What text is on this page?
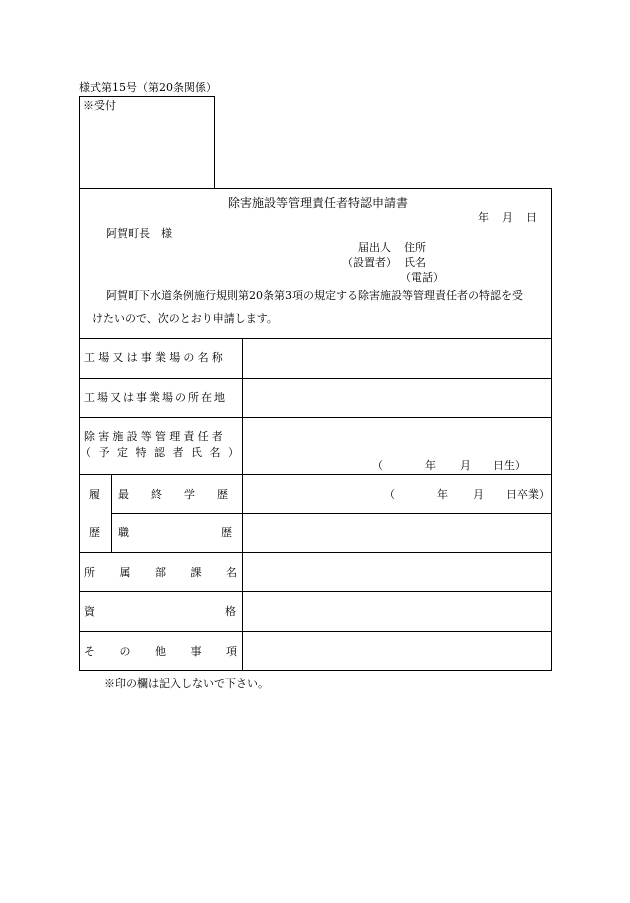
様式第15号（第20条関係）
※受付
除害施設等管理責任者特認申請書
年 月 日
阿賀町長　様
届出人 住所
（設置者） 氏名
（電話）
阿賀町下水道条例施行規則第20条第3項の規定する除害施設等管理責任者の特認を受
けたいので、次のとおり申請します。
工場又は事業場の名称
工場又は事業場の所在地
除害施設等管理責任者
（予定特認者氏名）
（	年 月 日生）
履
歴
最終学歴	（	年 月 日卒業）
職歴
所属部課名
資格
その他事項
※印の欄は記入しないで下さい。
